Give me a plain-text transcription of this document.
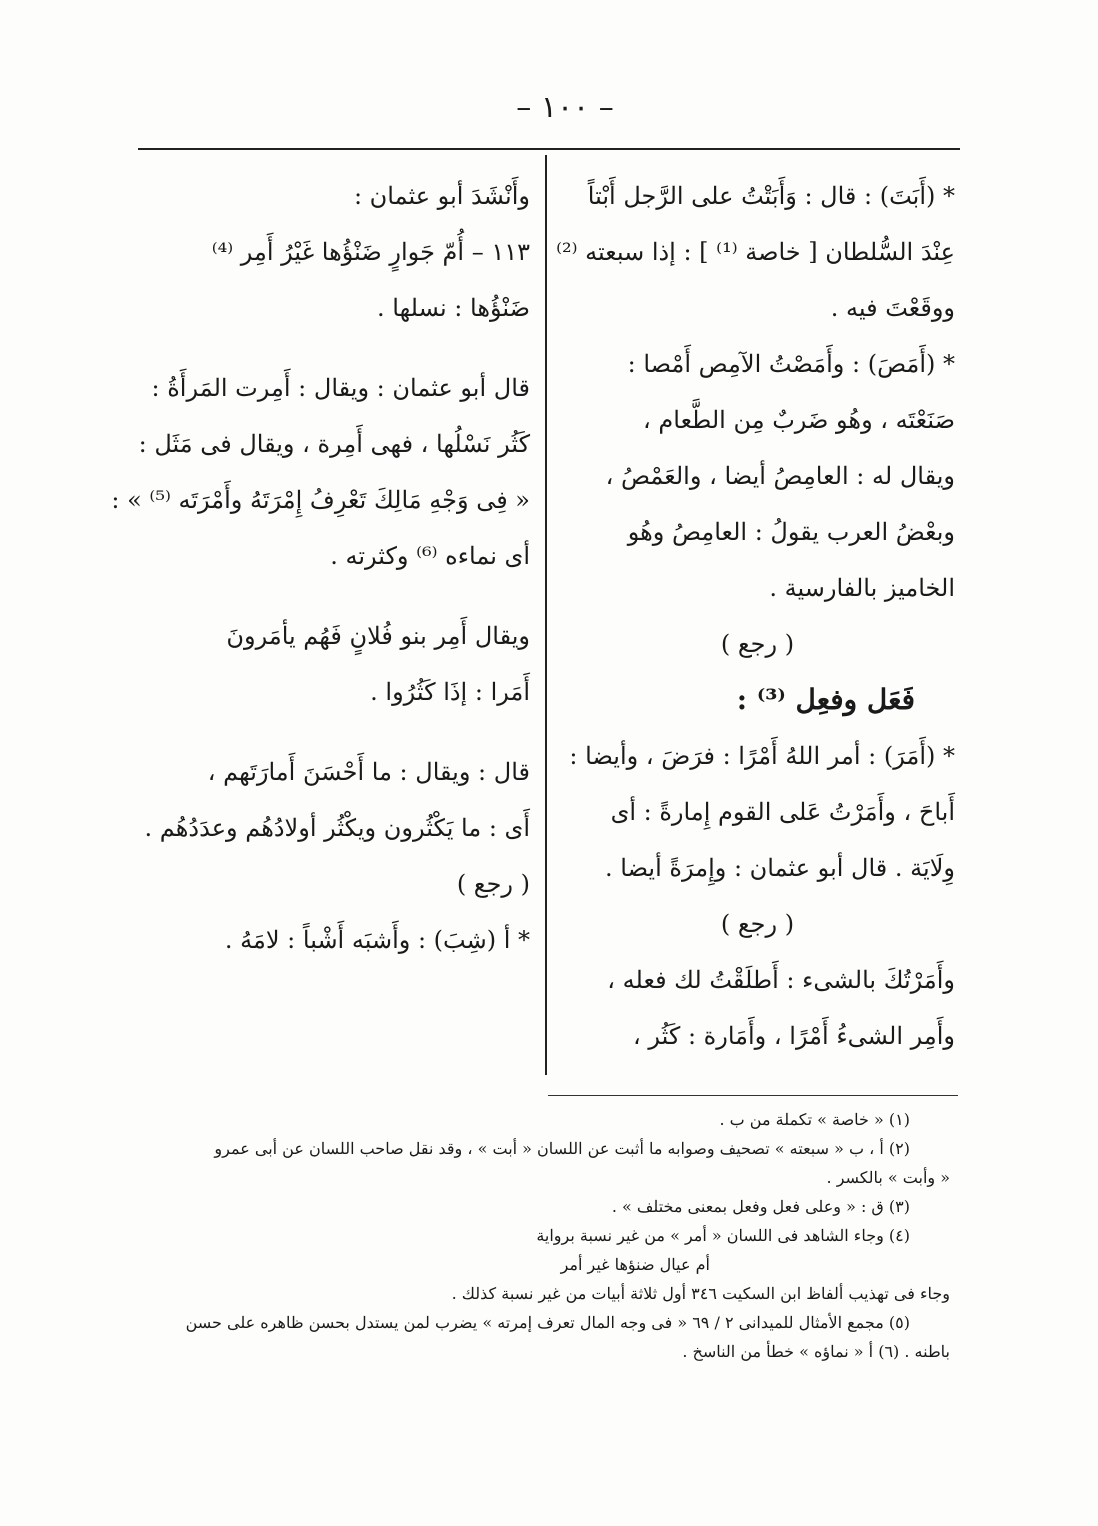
– ١٠٠ –
* (أَبَتَ) : قال : وَأَبَتْتُ على الرَّجل أَبْتاً
عِنْدَ السُّلطان [ خاصة ⁽¹⁾ ] : إذا سبعته ⁽²⁾
ووقَعْتَ فيه .
* (أَمَصَ) : وأَمَصْتُ الآمِص أَمْصا :
صَنَعْتَه ، وهُو ضَربٌ مِن الطَّعام ،
ويقال له : العامِصُ أيضا ، والعَمْصُ ،
وبعْضُ العرب يقولُ : العامِصُ وهُو
الخاميز بالفارسية .
( رجع )
فَعَل وفعِل ⁽³⁾ :
* (أَمَرَ) : أمر اللهُ أَمْرًا : فرَضَ ، وأيضا :
أَباحَ ، وأَمَرْتُ عَلى القوم إِمارةً : أى
وِلَايَة . قال أبو عثمان : وإِمرَةً أيضا .
( رجع )
وأَمَرْتُكَ بالشىء : أَطلَقْتُ لك فعله ،
وأَمِر الشىءُ أَمْرًا ، وأَمَارة : كَثُر ،
وأَنْشَدَ أبو عثمان :
١١٣ – أُمّ جَوارٍ ضَنْؤُها غَيْرُ أَمِر ⁽⁴⁾
ضَنْؤُها : نسلها .
قال أبو عثمان : ويقال : أَمِرت المَرأَةُ :
كَثُر نَسْلُها ، فهى أَمِرة ، ويقال فى مَثَل :
« فِى وَجْهِ مَالِكَ تَعْرِفُ إِمْرَتَهُ وأَمْرَتَه ⁽⁵⁾ » :
أى نماءه ⁽⁶⁾ وكثرته .
ويقال أَمِر بنو فُلانٍ فَهُم يأمَرونَ
أَمَرا : إذَا كَثُرُوا .
قال : ويقال : ما أَحْسَنَ أَمارَتَهم ،
أَى : ما يَكْثُرون ويكْثُر أولادُهُم وعدَدُهُم .
( رجع )
* أ (شِبَ) : وأَشبَه أَشْباً : لامَهُ .
(١) « خاصة » تكملة من ب .
(٢) أ ، ب « سبعته » تصحيف وصوابه ما أثبت عن اللسان « أبت » ، وقد نقل صاحب اللسان عن أبى عمرو
« وأبت » بالكسر .
(٣) ق : « وعلى فعل وفعل بمعنى مختلف » .
(٤) وجاء الشاهد فى اللسان « أمر » من غير نسبة برواية
أم عيال ضنؤها غير أمر
وجاء فى تهذيب ألفاظ ابن السكيت ٣٤٦ أول ثلاثة أبيات من غير نسبة كذلك .
(٥) مجمع الأمثال للميدانى ٢ / ٦٩ « فى وجه المال تعرف إمرته » يضرب لمن يستدل بحسن ظاهره على حسن
باطنه . (٦) أ « نماؤه » خطأ من الناسخ .
